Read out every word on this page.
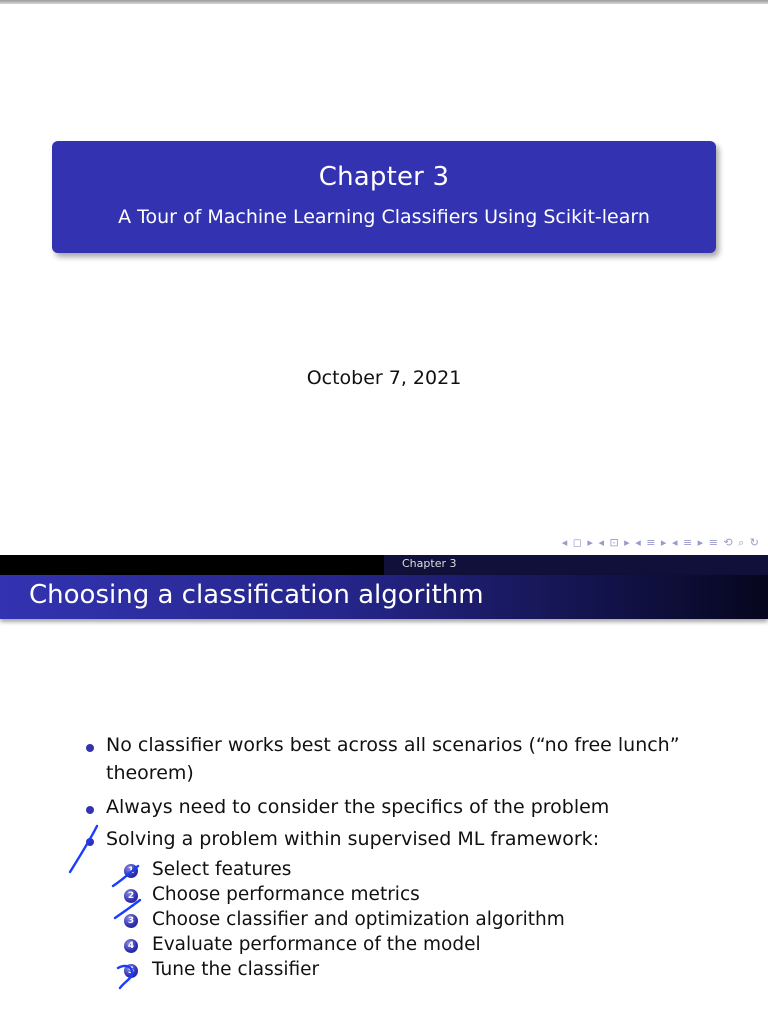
Chapter 3
A Tour of Machine Learning Classifiers Using Scikit-learn
October 7, 2021
◂ ◻ ▸ ◂ ⊡ ▸ ◂ ≡ ▸ ◂ ≡ ▸ ≡ ⟲ ⌕ ↻
Chapter 3
Choosing a classification algorithm
No classifier works best across all scenarios (“no free lunch”
theorem)
Always need to consider the specifics of the problem
Solving a problem within supervised ML framework:
1 Select features
2 Choose performance metrics
3 Choose classifier and optimization algorithm
4 Evaluate performance of the model
5 Tune the classifier
